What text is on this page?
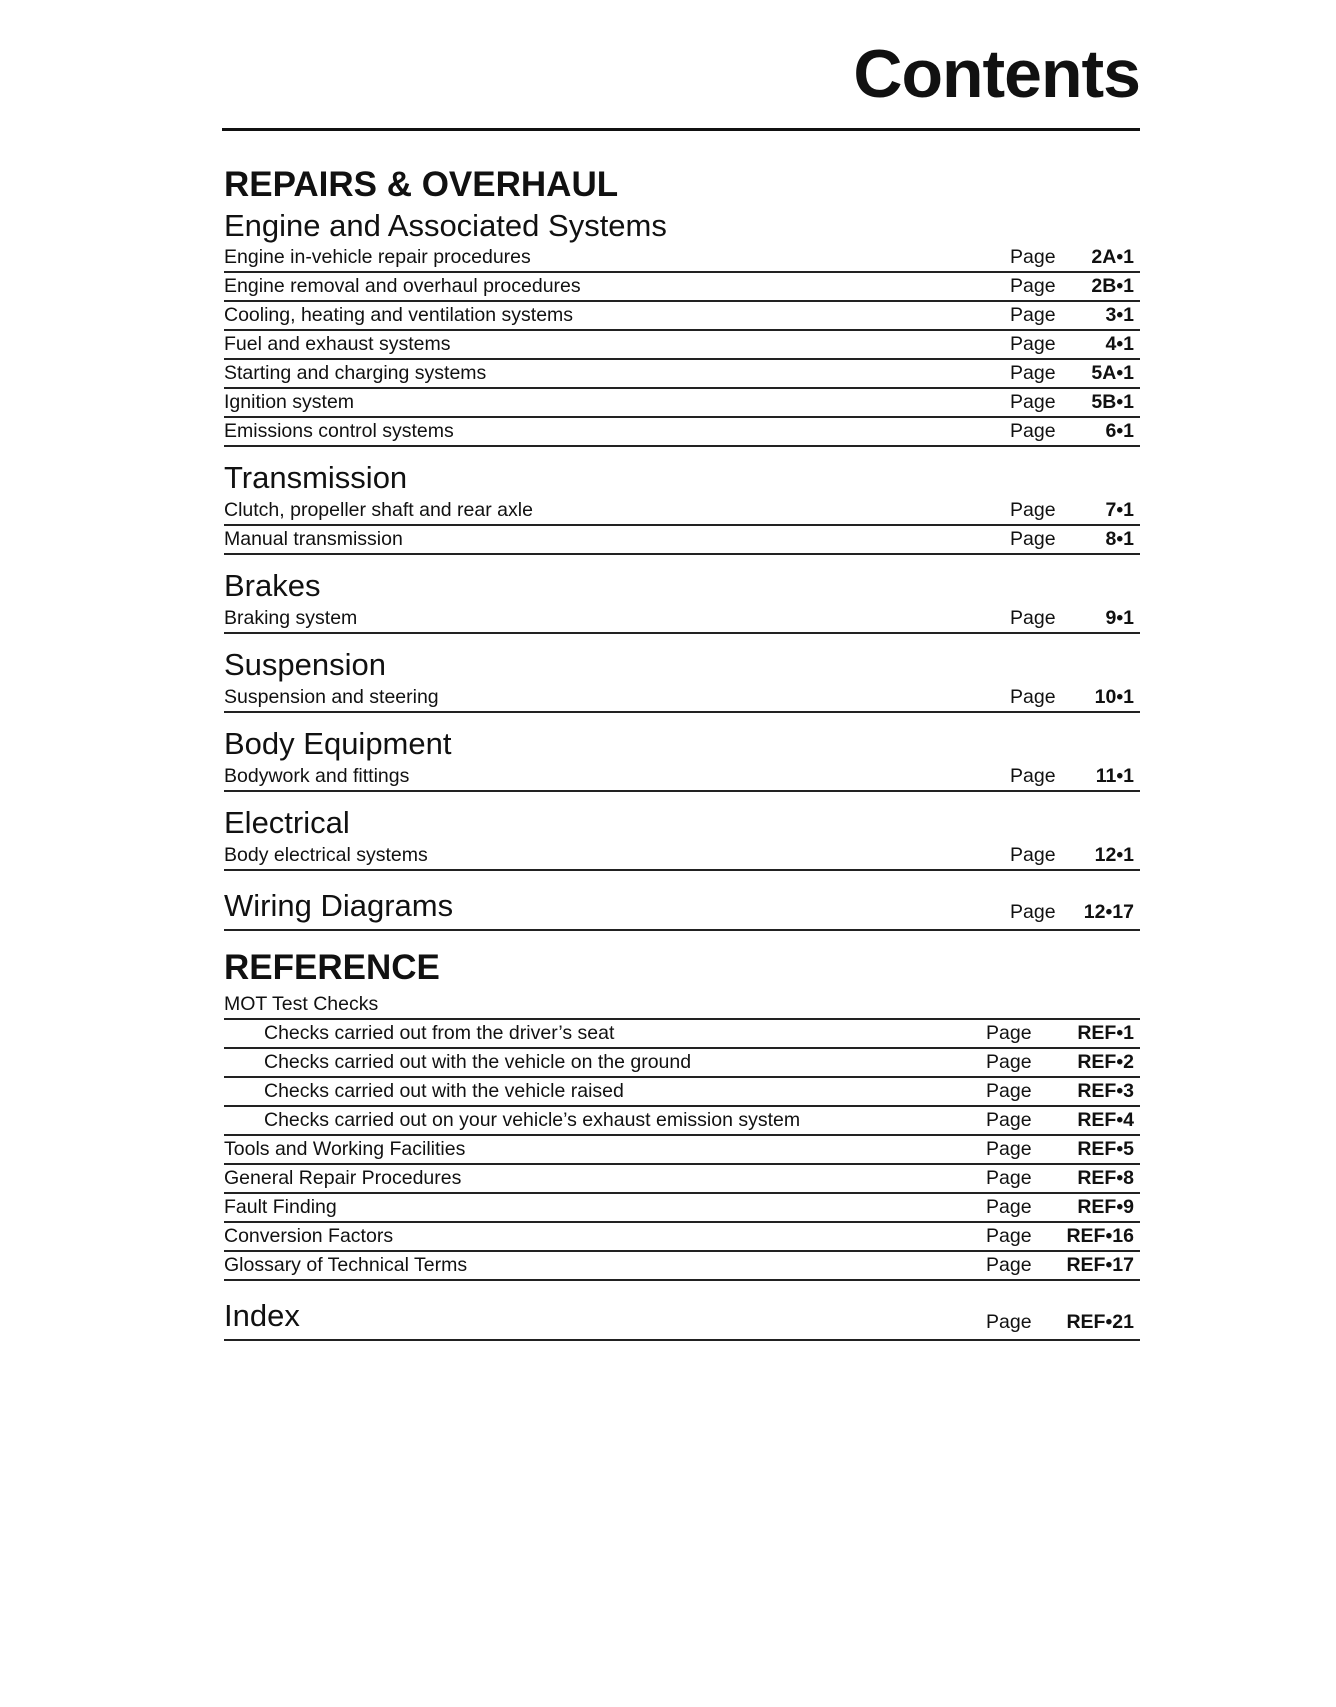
Contents
REPAIRS & OVERHAUL
Engine and Associated Systems
Engine in-vehicle repair procedures	Page	2A•1
Engine removal and overhaul procedures	Page	2B•1
Cooling, heating and ventilation systems	Page	3•1
Fuel and exhaust systems	Page	4•1
Starting and charging systems	Page	5A•1
Ignition system	Page	5B•1
Emissions control systems	Page	6•1
Transmission
Clutch, propeller shaft and rear axle	Page	7•1
Manual transmission	Page	8•1
Brakes
Braking system	Page	9•1
Suspension
Suspension and steering	Page	10•1
Body Equipment
Bodywork and fittings	Page	11•1
Electrical
Body electrical systems	Page	12•1
Wiring Diagrams	Page	12•17
REFERENCE
MOT Test Checks
Checks carried out from the driver’s seat	Page	REF•1
Checks carried out with the vehicle on the ground	Page	REF•2
Checks carried out with the vehicle raised	Page	REF•3
Checks carried out on your vehicle’s exhaust emission system	Page	REF•4
Tools and Working Facilities	Page	REF•5
General Repair Procedures	Page	REF•8
Fault Finding	Page	REF•9
Conversion Factors	Page	REF•16
Glossary of Technical Terms	Page	REF•17
Index	Page	REF•21
